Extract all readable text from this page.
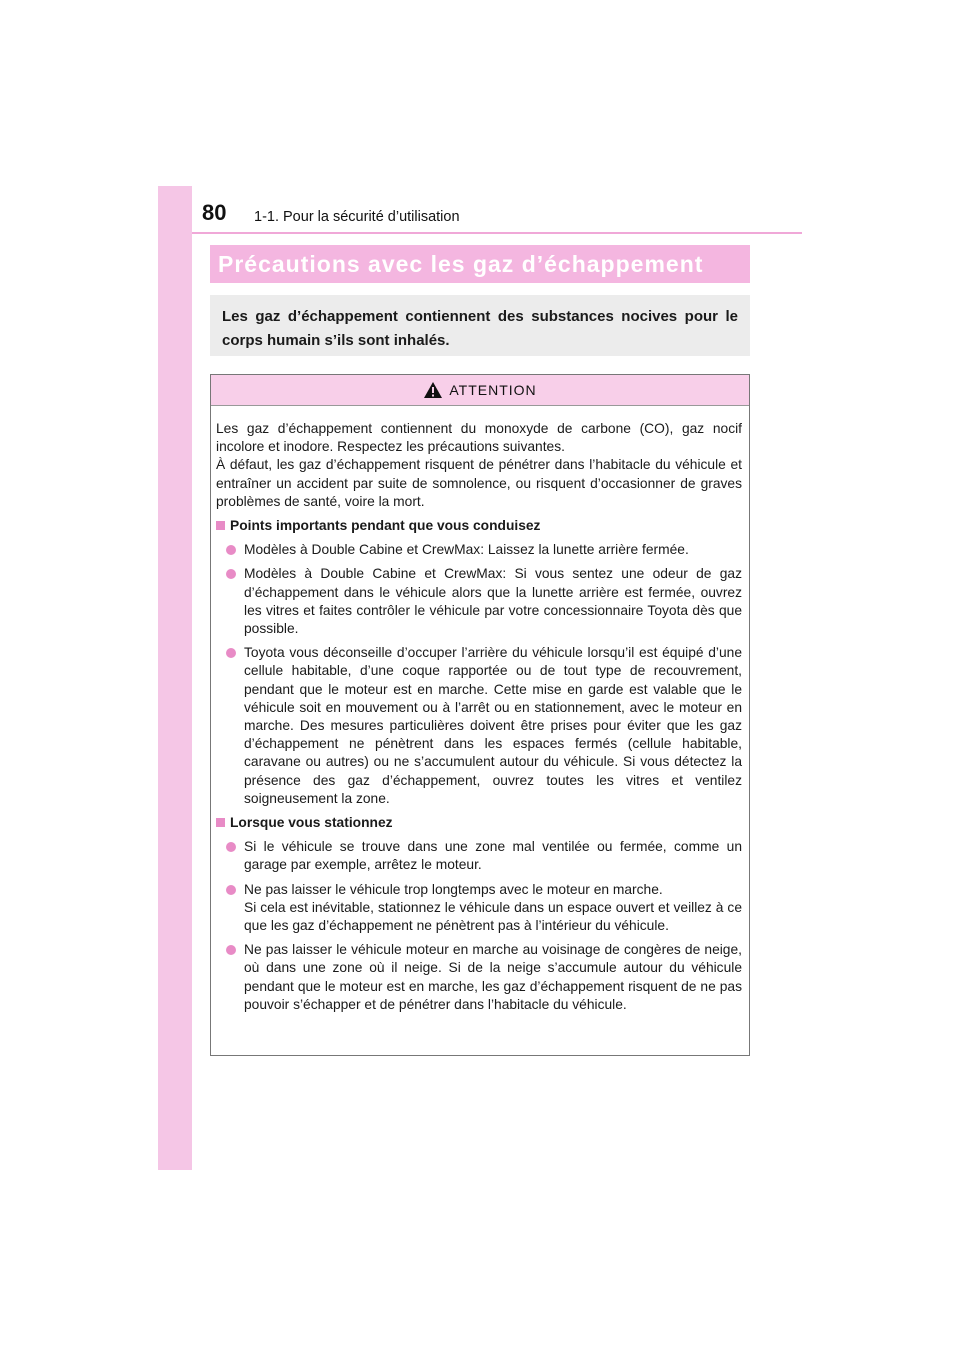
80 1-1. Pour la sécurité d’utilisation
Précautions avec les gaz d’échappement
Les gaz d’échappement contiennent des substances nocives pour le corps humain s’ils sont inhalés.
ATTENTION
Les gaz d’échappement contiennent du monoxyde de carbone (CO), gaz nocif incolore et inodore. Respectez les précautions suivantes.
À défaut, les gaz d’échappement risquent de pénétrer dans l’habitacle du véhicule et entraîner un accident par suite de somnolence, ou risquent d’occasionner de graves problèmes de santé, voire la mort.
Points importants pendant que vous conduisez
Modèles à Double Cabine et CrewMax: Laissez la lunette arrière fermée.
Modèles à Double Cabine et CrewMax: Si vous sentez une odeur de gaz d’échappement dans le véhicule alors que la lunette arrière est fermée, ouvrez les vitres et faites contrôler le véhicule par votre concessionnaire Toyota dès que possible.
Toyota vous déconseille d’occuper l’arrière du véhicule lorsqu’il est équipé d’une cellule habitable, d’une coque rapportée ou de tout type de recouvrement, pendant que le moteur est en marche. Cette mise en garde est valable que le véhicule soit en mouvement ou à l’arrêt ou en stationnement, avec le moteur en marche. Des mesures particulières doivent être prises pour éviter que les gaz d’échappement ne pénètrent dans les espaces fermés (cellule habitable, caravane ou autres) ou ne s’accumulent autour du véhicule. Si vous détectez la présence des gaz d’échappement, ouvrez toutes les vitres et ventilez soigneusement la zone.
Lorsque vous stationnez
Si le véhicule se trouve dans une zone mal ventilée ou fermée, comme un garage par exemple, arrêtez le moteur.
Ne pas laisser le véhicule trop longtemps avec le moteur en marche.
Si cela est inévitable, stationnez le véhicule dans un espace ouvert et veillez à ce que les gaz d’échappement ne pénètrent pas à l’intérieur du véhicule.
Ne pas laisser le véhicule moteur en marche au voisinage de congères de neige, où dans une zone où il neige. Si de la neige s’accumule autour du véhicule pendant que le moteur est en marche, les gaz d’échappement risquent de ne pas pouvoir s’échapper et de pénétrer dans l’habitacle du véhicule.
